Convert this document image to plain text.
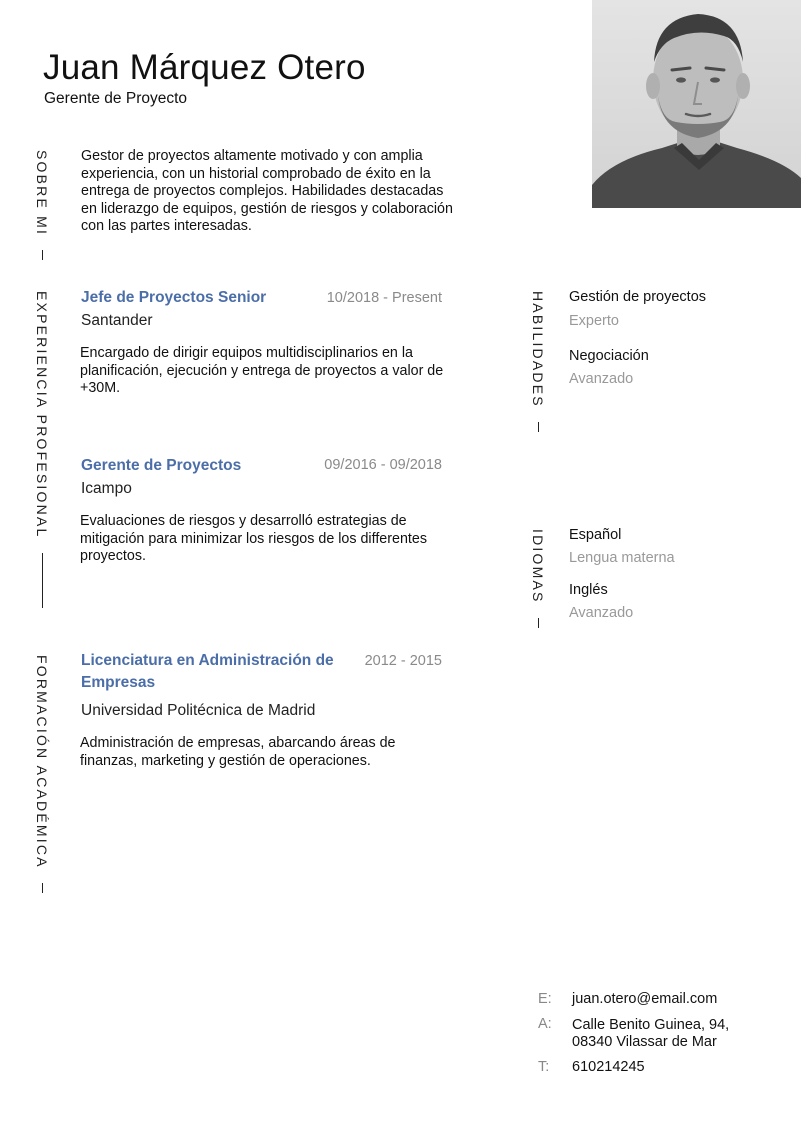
Juan Márquez Otero
Gerente de Proyecto
SOBRE MI Gestor de proyectos altamente motivado y con amplia experiencia, con un historial comprobado de éxito en la entrega de proyectos complejos. Habilidades destacadas en liderazgo de equipos, gestión de riesgos y colaboración con las partes interesadas.
EXPERIENCIA PROFESIONAL Jefe de Proyectos Senior	10/2018 - Present
Santander
Encargado de dirigir equipos multidisciplinarios en la planificación, ejecución y entrega de proyectos a valor de +30M.
Gerente de Proyectos	09/2016 - 09/2018
Icampo
Evaluaciones de riesgos y desarrolló estrategias de mitigación para minimizar los riesgos de los differentes proyectos.
FORMACIÓN ACADÉMICA Licenciatura en Administración de Empresas
2012 - 2015
Universidad Politécnica de Madrid
Administración de empresas, abarcando áreas de finanzas, marketing y gestión de operaciones.
HABILIDADES Gestión de proyectos
Experto
Negociación
Avanzado
IDIOMAS Español
Lengua materna
Inglés
Avanzado
E: juan.otero@email.com
A: Calle Benito Guinea, 94,
08340 Vilassar de Mar
T: 610214245
